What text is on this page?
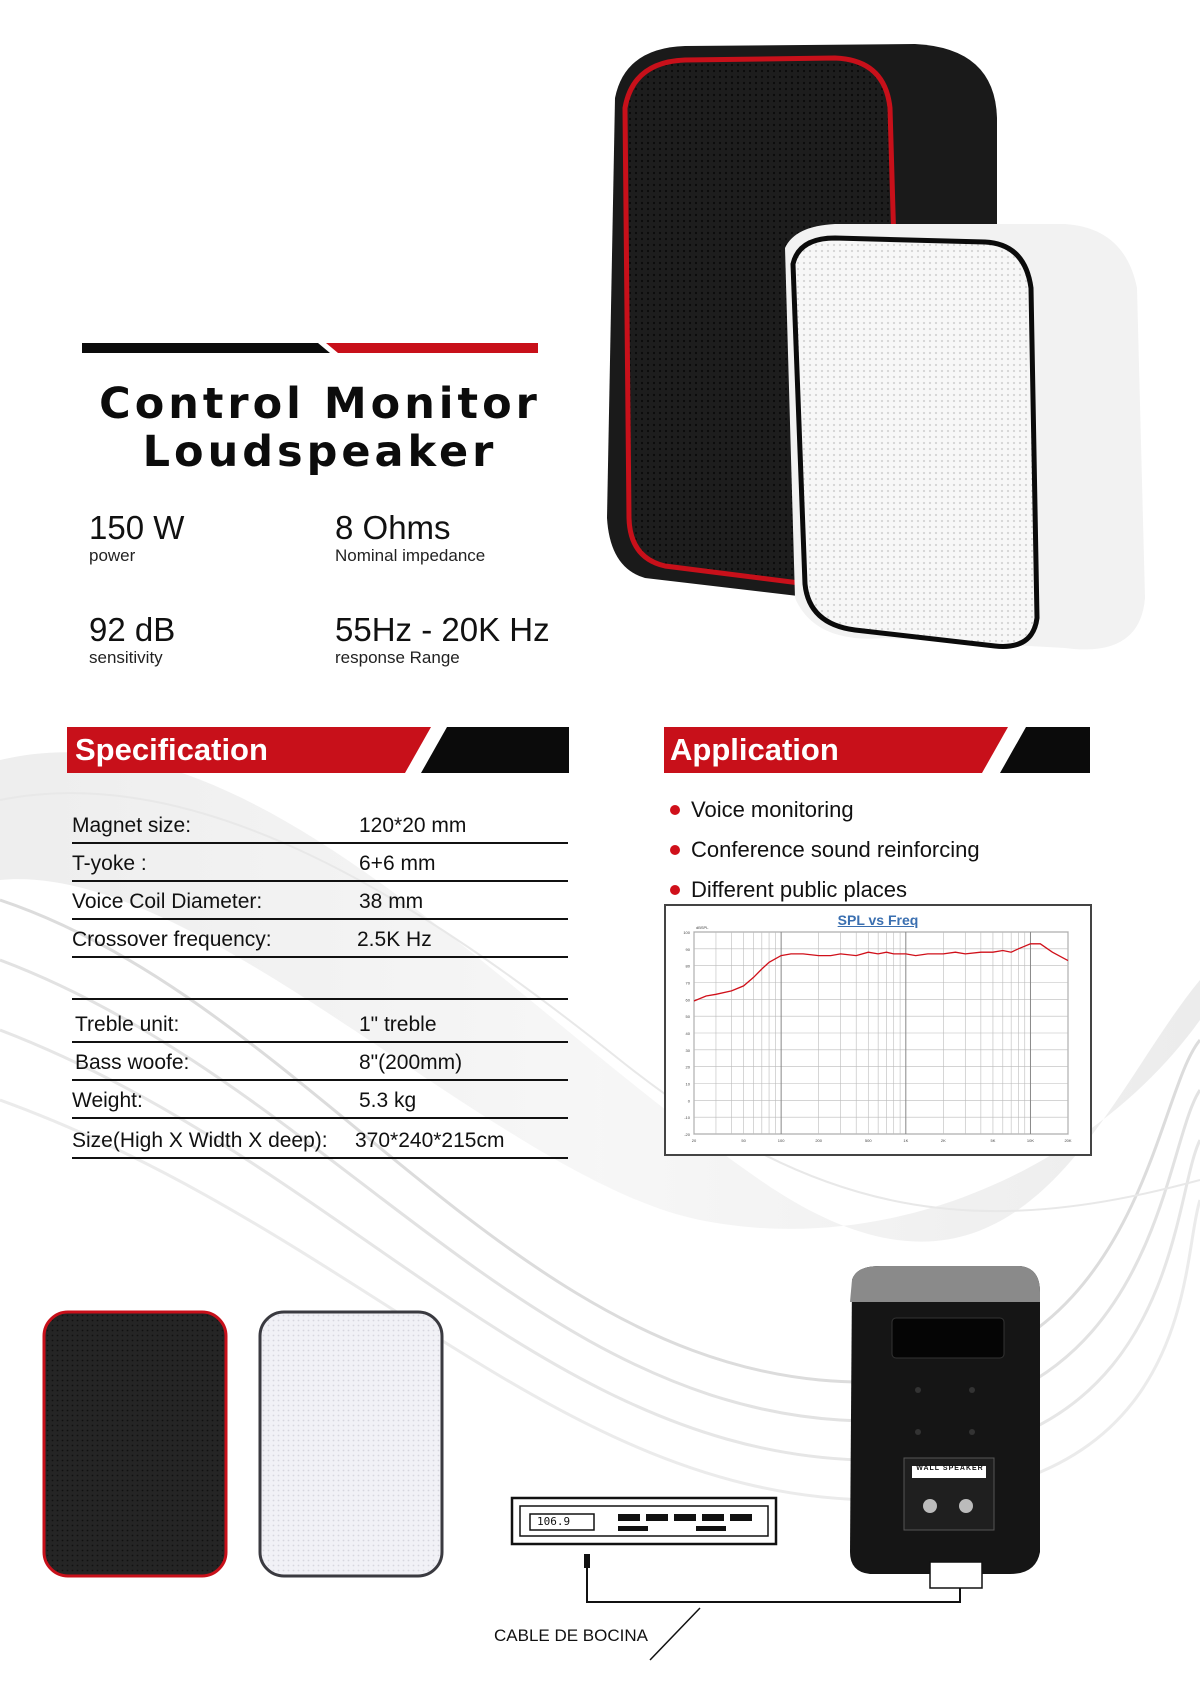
Control Monitor
Loudspeaker
150 W
power
8 Ohms
Nominal impedance
92 dB
sensitivity
55Hz - 20K Hz
response Range
Specification
Magnet size:	120*20 mm
T-yoke :	6+6 mm
Voice Coil Diameter:	38 mm
Crossover frequency:	2.5K Hz
Treble unit:	1" treble
Bass woofe:	8"(200mm)
Weight:	5.3 kg
Size(High X Width X deep): 370*240*215cm
Application
Voice monitoring
Conference sound reinforcing
Different public places
SPL vs Freq
-20
-10
0
10
20
30
40
50
60
70
80
90
100
20	50	100	200	500	1K	2K	5K	10K	20K
dBSPL
WALL SPEAKER
106.9
CABLE DE BOCINA
